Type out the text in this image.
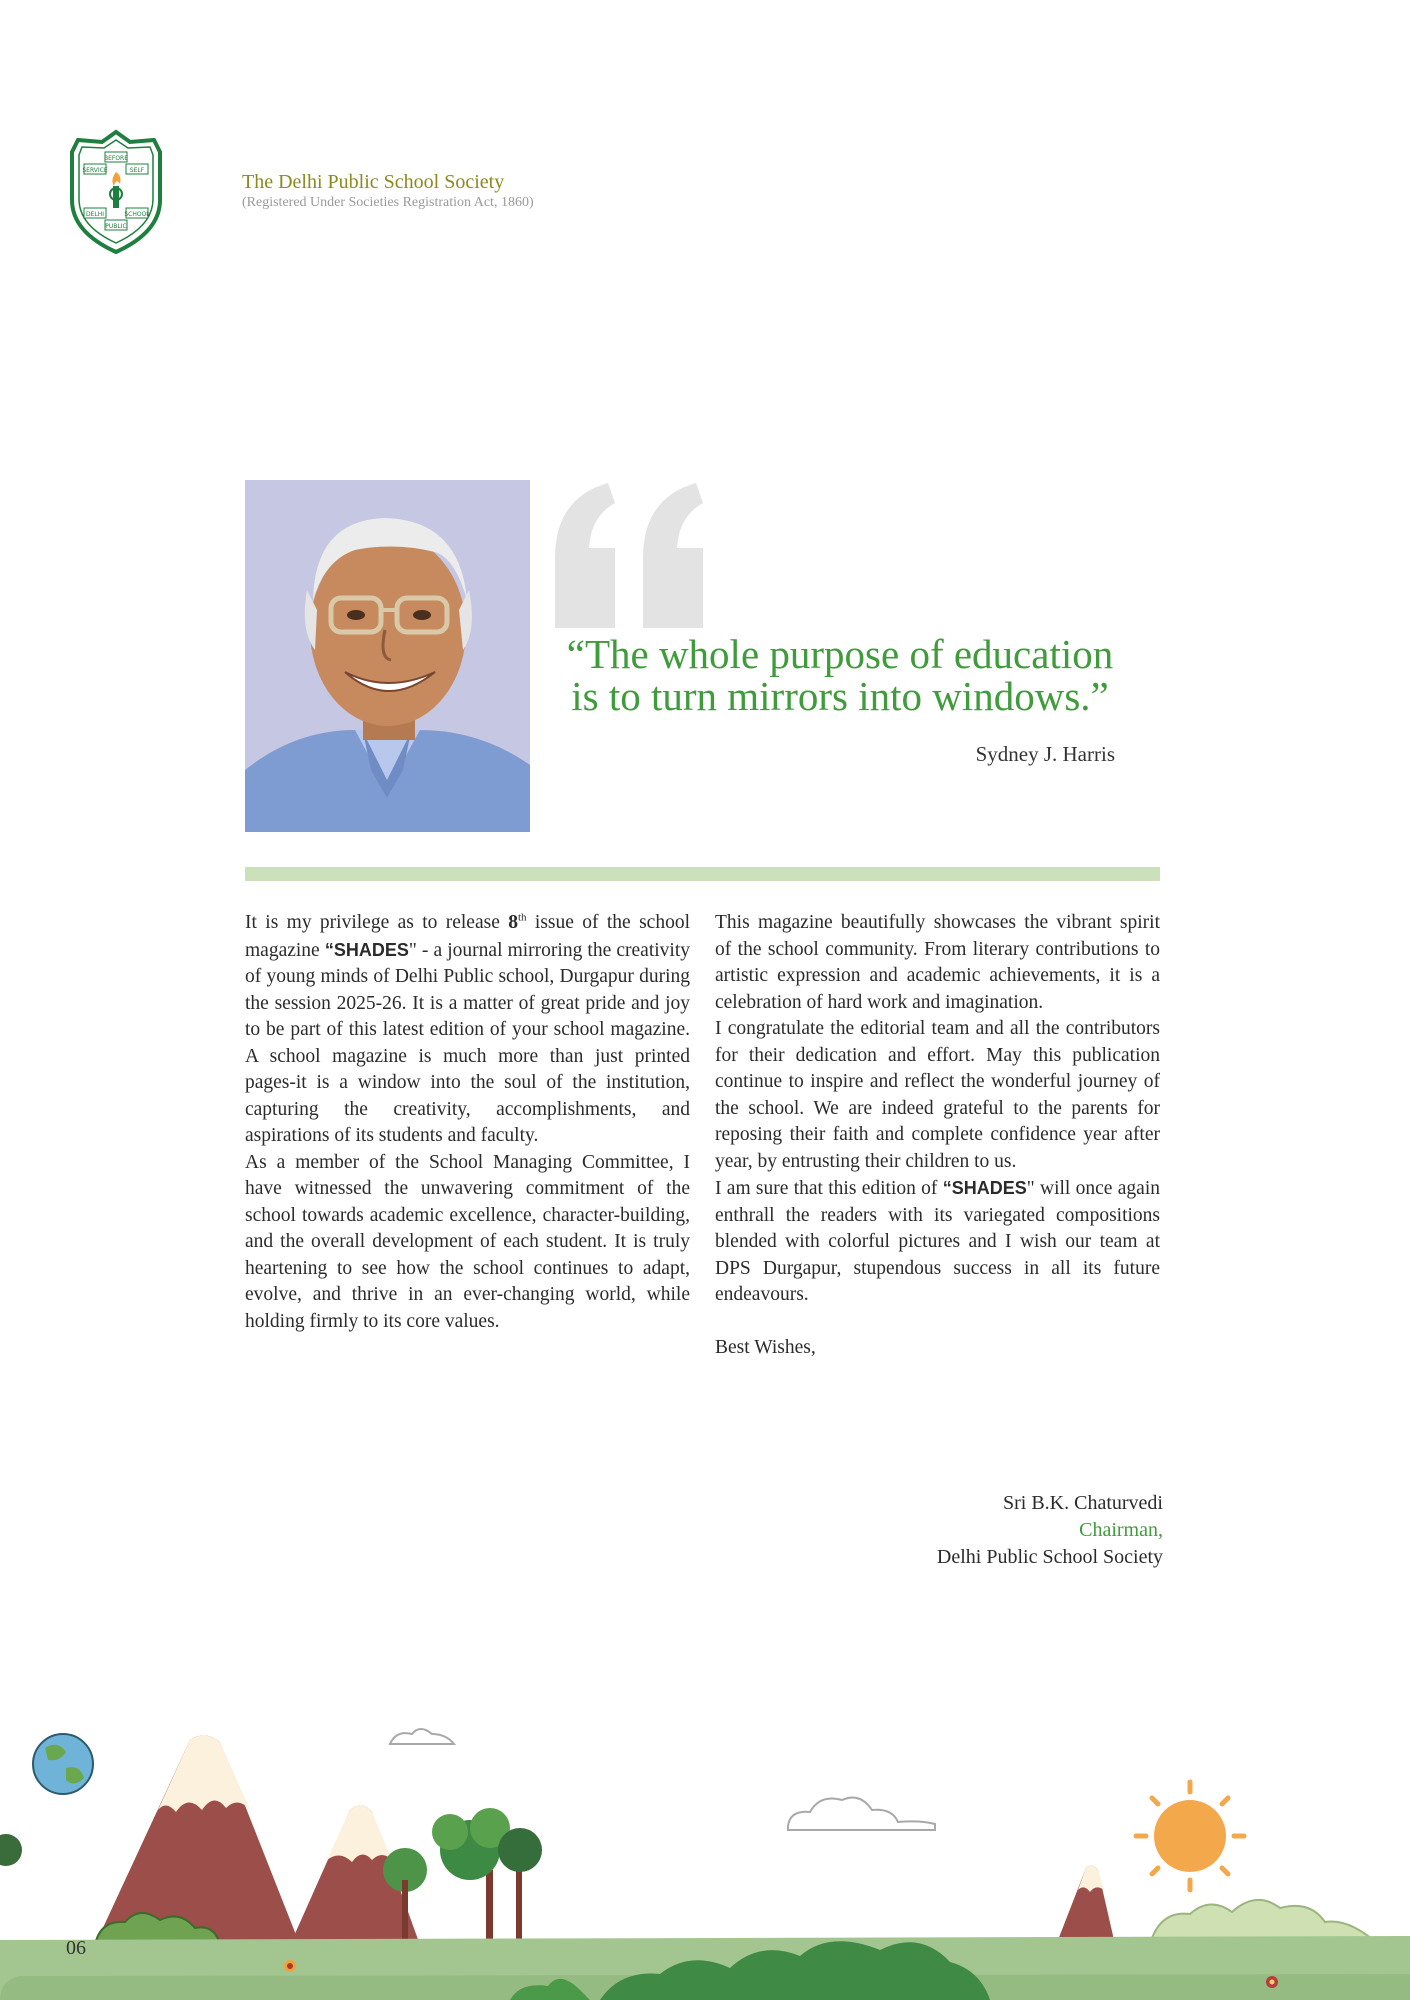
SERVICE
BEFORE
SELF
DELHI
PUBLIC
SCHOOL
The Delhi Public School Society
(Registered Under Societies Registration Act, 1860)
“The whole purpose of education
is to turn mirrors into windows.”
Sydney J. Harris

It is my privilege as to release 8th issue of the school magazine “SHADES" - a journal mirroring the creativity of young minds of Delhi Public school, Durgapur during the session 2025-26. It is a matter of great pride and joy to be part of this latest edition of your school magazine. A school magazine is much more than just printed pages-it is a window into the soul of the institution, capturing the creativity, accomplishments, and aspirations of its students and faculty.

As a member of the School Managing Committee, I have witnessed the unwavering commitment of the school towards academic excellence, character-building, and the overall development of each student. It is truly heartening to see how the school continues to adapt, evolve, and thrive in an ever-changing world, while holding firmly to its core values.

This magazine beautifully showcases the vibrant spirit of the school community. From literary contributions to artistic expression and academic achievements, it is a celebration of hard work and imagination.

I congratulate the editorial team and all the contributors for their dedication and effort. May this publication continue to inspire and reflect the wonderful journey of the school. We are indeed grateful to the parents for reposing their faith and complete confidence year after year, by entrusting their children to us.

I am sure that this edition of “SHADES" will once again enthrall the readers with its variegated compositions blended with colorful pictures and I wish our team at DPS Durgapur, stupendous success in all its future endeavours.

Best Wishes,

Sri B.K. Chaturvedi
Chairman,
Delhi Public School Society
06
